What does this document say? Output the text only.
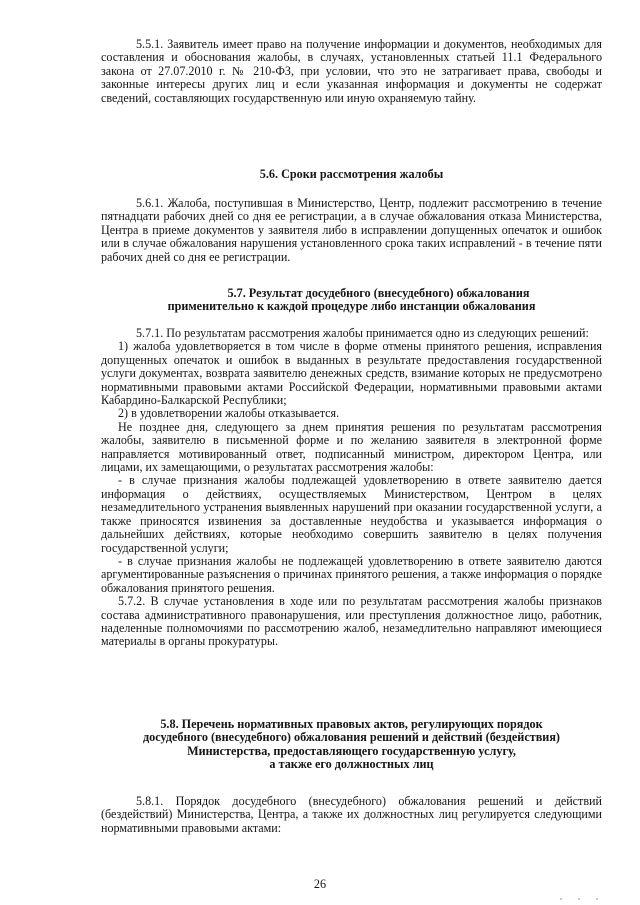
5.5.1. Заявитель имеет право на получение информации и документов, необходимых для составления и обоснования жалобы, в случаях, установленных статьей 11.1 Федерального закона от 27.07.2010 г. № 210-ФЗ, при условии, что это не затрагивает права, свободы и законные интересы других лиц и если указанная информация и документы не содержат сведений, составляющих государственную или иную охраняемую тайну.

5.6. Сроки рассмотрения жалобы

5.6.1. Жалоба, поступившая в Министерство, Центр, подлежит рассмотрению в течение пятнадцати рабочих дней со дня ее регистрации, а в случае обжалования отказа Министерства, Центра в приеме документов у заявителя либо в исправлении допущенных опечаток и ошибок или в случае обжалования нарушения установленного срока таких исправлений - в течение пяти рабочих дней со дня ее регистрации.

5.7. Результат досудебного (внесудебного) обжалования
применительно к каждой процедуре либо инстанции обжалования

5.7.1. По результатам рассмотрения жалобы принимается одно из следующих решений:

1) жалоба удовлетворяется в том числе в форме отмены принятого решения, исправления допущенных опечаток и ошибок в выданных в результате предоставления государственной услуги документах, возврата заявителю денежных средств, взимание которых не предусмотрено нормативными правовыми актами Российской Федерации, нормативными правовыми актами Кабардино-Балкарской Республики;

2) в удовлетворении жалобы отказывается.

Не позднее дня, следующего за днем принятия решения по результатам рассмотрения жалобы, заявителю в письменной форме и по желанию заявителя в электронной форме направляется мотивированный ответ, подписанный министром, директором Центра, или лицами, их замещающими, о результатах рассмотрения жалобы:

- в случае признания жалобы подлежащей удовлетворению в ответе заявителю дается информация о действиях, осуществляемых Министерством, Центром в целях незамедлительного устранения выявленных нарушений при оказании государственной услуги, а также приносятся извинения за доставленные неудобства и указывается информация о дальнейших действиях, которые необходимо совершить заявителю в целях получения государственной услуги;

- в случае признания жалобы не подлежащей удовлетворению в ответе заявителю даются аргументированные разъяснения о причинах принятого решения, а также информация о порядке обжалования принятого решения.

5.7.2. В случае установления в ходе или по результатам рассмотрения жалобы признаков состава административного правонарушения, или преступления должностное лицо, работник, наделенные полномочиями по рассмотрению жалоб, незамедлительно направляют имеющиеся материалы в органы прокуратуры.

5.8. Перечень нормативных правовых актов, регулирующих порядок
досудебного (внесудебного) обжалования решений и действий (бездействия)
Министерства, предоставляющего государственную услугу,
а также его должностных лиц

5.8.1. Порядок досудебного (внесудебного) обжалования решений и действий (бездействий) Министерства, Центра, а также их должностных лиц регулируется следующими нормативными правовыми актами:

26
